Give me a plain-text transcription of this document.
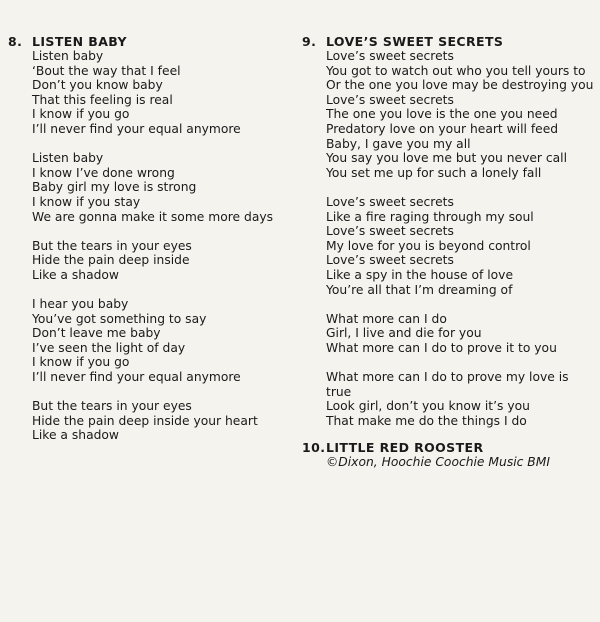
8. LISTEN BABY
Listen baby
‘Bout the way that I feel
Don’t you know baby
That this feeling is real
I know if you go
I’ll never find your equal anymore
Listen baby
I know I’ve done wrong
Baby girl my love is strong
I know if you stay
We are gonna make it some more days
But the tears in your eyes
Hide the pain deep inside
Like a shadow
I hear you baby
You’ve got something to say
Don’t leave me baby
I’ve seen the light of day
I know if you go
I’ll never find your equal anymore
But the tears in your eyes
Hide the pain deep inside your heart
Like a shadow
9. LOVE’S SWEET SECRETS
Love’s sweet secrets
You got to watch out who you tell yours to
Or the one you love may be destroying you
Love’s sweet secrets
The one you love is the one you need
Predatory love on your heart will feed
Baby, I gave you my all
You say you love me but you never call
You set me up for such a lonely fall
Love’s sweet secrets
Like a fire raging through my soul
Love’s sweet secrets
My love for you is beyond control
Love’s sweet secrets
Like a spy in the house of love
You’re all that I’m dreaming of
What more can I do
Girl, I live and die for you
What more can I do to prove it to you
What more can I do to prove my love is true
Look girl, don’t you know it’s you
That make me do the things I do
10. LITTLE RED ROOSTER
©Dixon, Hoochie Coochie Music BMI
